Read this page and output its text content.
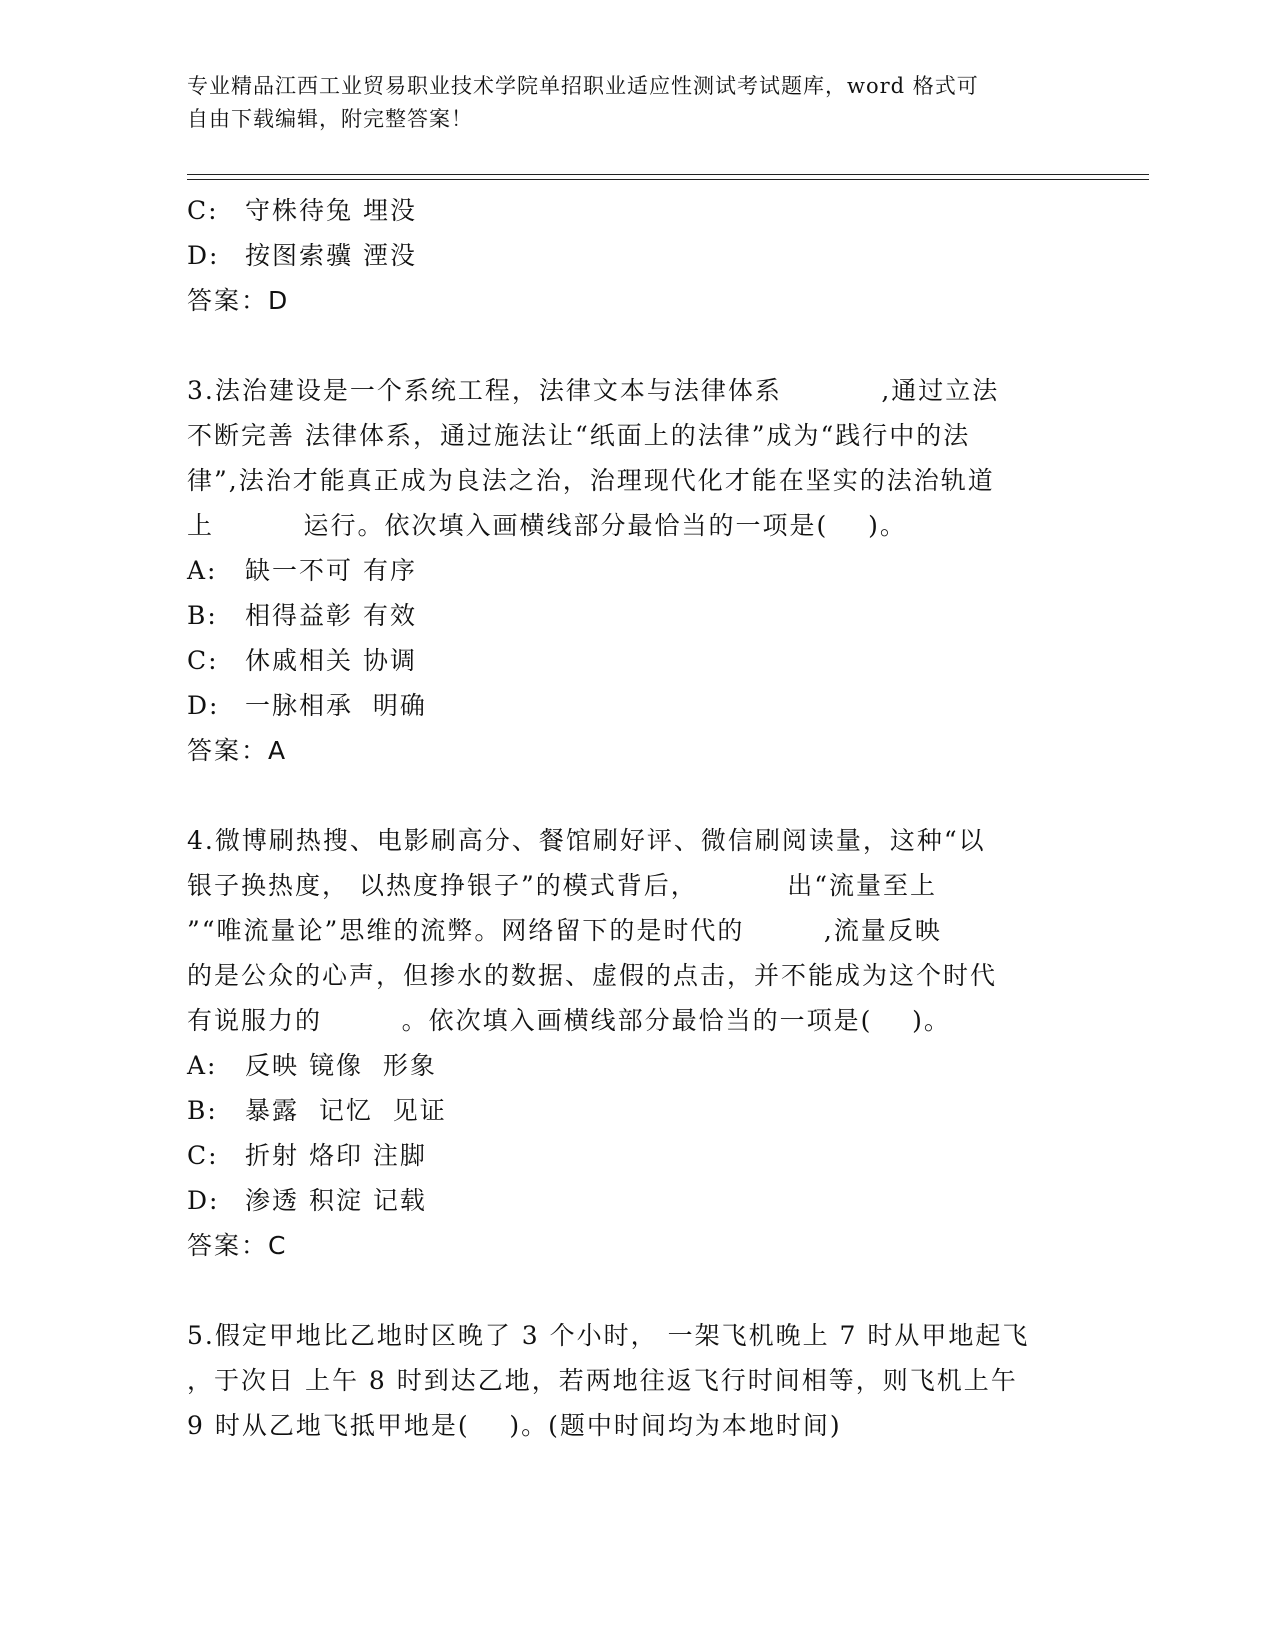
专业精品江西工业贸易职业技术学院单招职业适应性测试考试题库，word 格式可
自由下载编辑，附完整答案！
C: 守株待兔 埋没
D: 按图索骥 湮没
答案：D
3.法治建设是一个系统工程，法律文本与法律体系          ,通过立法
不断完善 法律体系，通过施法让“纸面上的法律”成为“践行中的法
律”,法治才能真正成为良法之治，治理现代化才能在坚实的法治轨道
上         运行。依次填入画横线部分最恰当的一项是(    )。
A: 缺一不可 有序
B: 相得益彰 有效
C: 休戚相关 协调
D: 一脉相承  明确
答案：A
4.微博刷热搜、电影刷高分、餐馆刷好评、微信刷阅读量，这种“以
银子换热度， 以热度挣银子”的模式背后，         出“流量至上
”“唯流量论”思维的流弊。网络留下的是时代的        ,流量反映
的是公众的心声，但掺水的数据、虚假的点击，并不能成为这个时代
有说服力的        。依次填入画横线部分最恰当的一项是(    )。
A: 反映 镜像  形象
B: 暴露  记忆  见证
C: 折射 烙印 注脚
D: 渗透 积淀 记载
答案：C
5.假定甲地比乙地时区晚了 3 个小时， 一架飞机晚上 7 时从甲地起飞
，于次日 上午 8 时到达乙地，若两地往返飞行时间相等，则飞机上午
9 时从乙地飞抵甲地是(    )。(题中时间均为本地时间)
